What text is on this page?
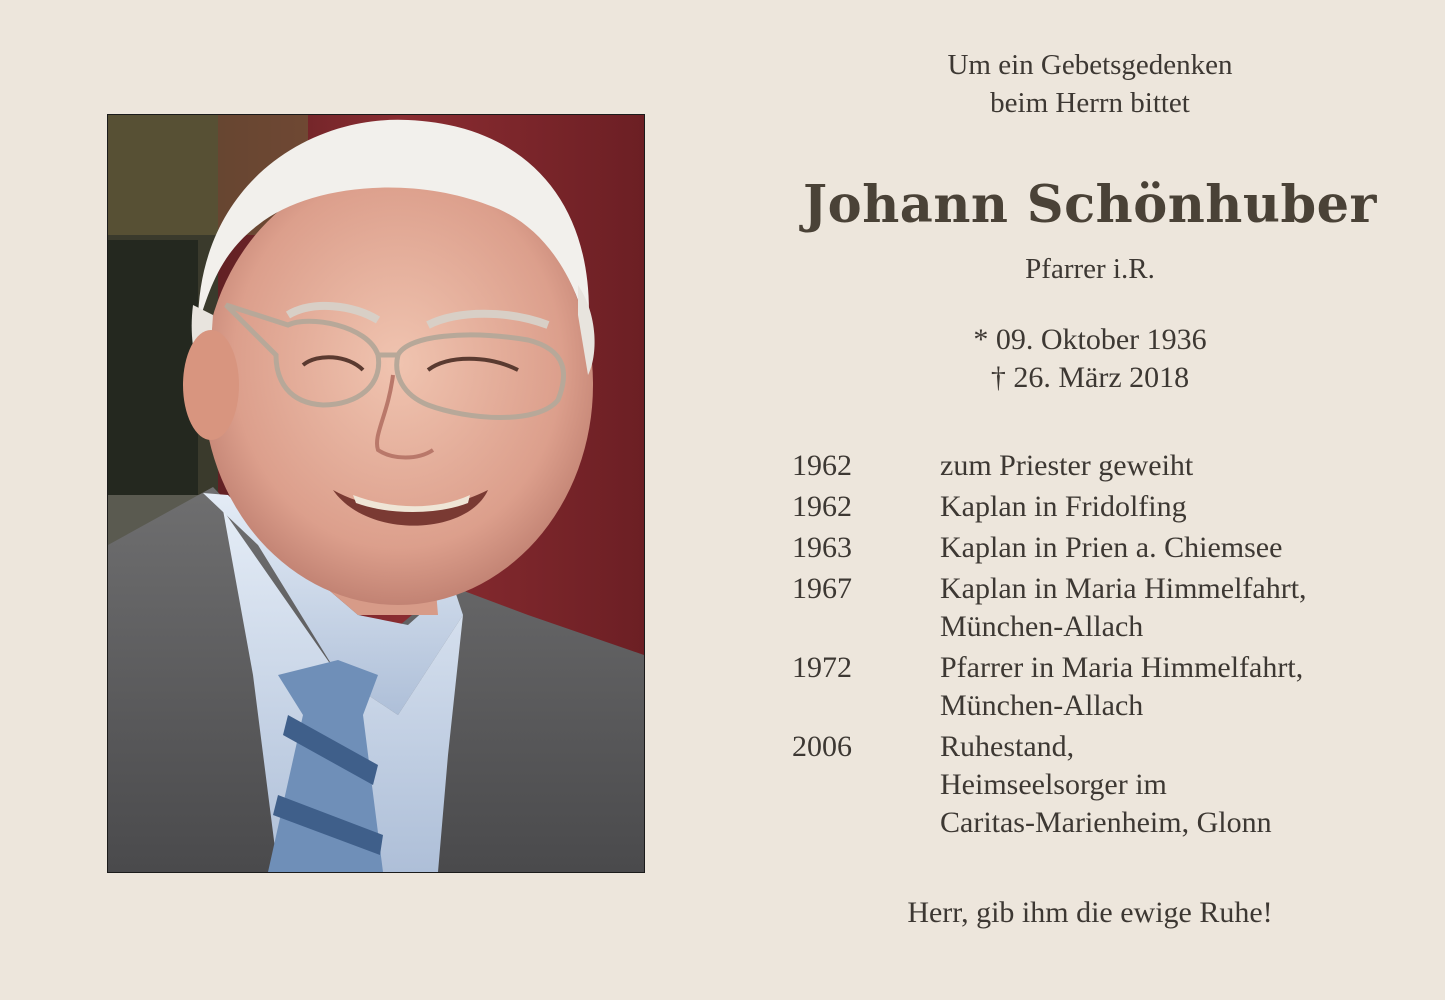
Um ein Gebetsgedenken
beim Herrn bittet
Johann Schönhuber
Pfarrer i.R.
* 09. Oktober 1936
† 26. März 2018
1962	zum Priester geweiht
1962	Kaplan in Fridolfing
1963	Kaplan in Prien a. Chiemsee
1967	Kaplan in Maria Himmelfahrt,
München-Allach
1972	Pfarrer in Maria Himmelfahrt,
München-Allach
2006	Ruhestand,
Heimseelsorger im
Caritas-Marienheim, Glonn
Herr, gib ihm die ewige Ruhe!
